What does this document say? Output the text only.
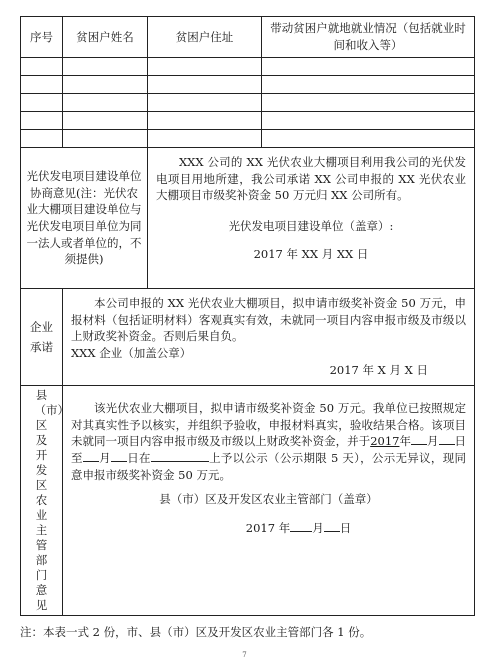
序号	贫困户姓名	贫困户住址	带动贫困户就地就业情况（包括就业时间和收入等）

光伏发电项目建设单位协商意见(注：光伏农业大棚项目建设单位与光伏发电项目单位为同一法人或者单位的，不须提供)		XXX 公司的 XX 光伏农业大棚项目利用我公司的光伏发电项目用地所建，我公司承诺 XX 公司申报的 XX 光伏农业大棚项目市级奖补资金 50 万元归 XX 公司所有。

光伏发电项目建设单位（盖章）:

2017 年 XX 月 XX 日	

企业承诺	本公司申报的 XX 光伏农业大棚项目，拟申请市级奖补资金 50 万元，申报材料（包括证明材料）客观真实有效，未就同一项目内容申报市级及市级以上财政奖补资金。否则后果自负。

XXX 企业（加盖公章）

2017 年 X 月 X 日		

县（市）区及开发区农业主管部门意见	该光伏农业大棚项目，拟申请市级奖补资金 50 万元。我单位已按照规定对其真实性予以核实，并组织予验收，申报材料真实，验收结果合格。该项目未就同一项目内容申报市级及市级以上财政奖补资金，并于2017年 月 日至 月 日在 上予以公示（公示期限 5 天），公示无异议，现同意申报市级奖补资金 50 万元。

县（市）区及开发区农业主管部门（盖章）

2017 年 月 日		

注：本表一式 2 份，市、县（市）区及开发区农业主管部门各 1 份。
7
